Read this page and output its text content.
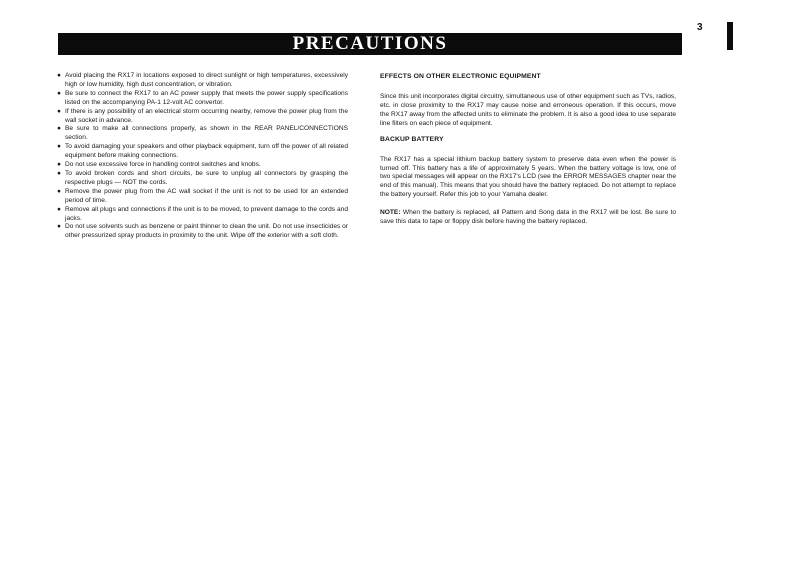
PRECAUTIONS
3
● Avoid placing the RX17 in locations exposed to direct sunlight or high temperatures, excessively high or low humidity, high dust concentration, or vibration.
● Be sure to connect the RX17 to an AC power supply that meets the power supply specifications listed on the accompanying PA-1 12-volt AC convertor.
● If there is any possibility of an electrical storm occurring nearby, remove the power plug from the wall socket in advance.
● Be sure to make all connections properly, as shown in the REAR PANEL/CONNECTIONS section.
● To avoid damaging your speakers and other playback equipment, turn off the power of all related equipment before making connections.
● Do not use excessive force in handling control switches and knobs.
● To avoid broken cords and short circuits, be sure to unplug all connectors by grasping the respective plugs — NOT the cords.
● Remove the power plug from the AC wall socket if the unit is not to be used for an extended period of time.
● Remove all plugs and connections if the unit is to be moved, to prevent damage to the cords and jacks.
● Do not use solvents such as benzene or paint thinner to clean the unit. Do not use insecticides or other pressurized spray products in proximity to the unit. Wipe off the exterior with a soft cloth.
EFFECTS ON OTHER ELECTRONIC EQUIPMENT

Since this unit incorporates digital circuitry, simultaneous use of other equipment such as TVs, radios, etc. in close proximity to the RX17 may cause noise and erroneous operation. If this occurs, move the RX17 away from the affected units to eliminate the problem. It is also a good idea to use separate line filters on each piece of equipment.

BACKUP BATTERY

The RX17 has a special lithium backup battery system to preserve data even when the power is turned off. This battery has a life of approximately 5 years. When the battery voltage is low, one of two special messages will appear on the RX17's LCD (see the ERROR MESSAGES chapter near the end of this manual). This means that you should have the battery replaced. Do not attempt to replace the battery yourself. Refer this job to your Yamaha dealer.

NOTE: When the battery is replaced, all Pattern and Song data in the RX17 will be lost. Be sure to save this data to tape or floppy disk before having the battery replaced.
